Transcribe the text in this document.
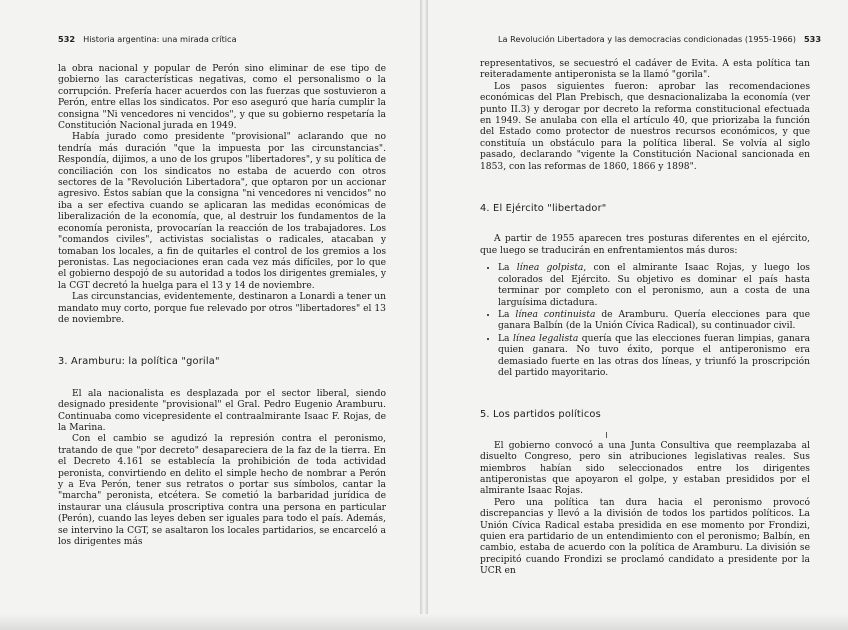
532 Historia argentina: una mirada crítica

la obra nacional y popular de Perón sino eliminar de ese tipo de gobierno las características negativas, como el personalismo o la corrupción. Prefería hacer acuerdos con las fuerzas que sostuvieron a Perón, entre ellas los sindicatos. Por eso aseguró que haría cumplir la consigna "Ni vencedores ni vencidos", y que su gobierno respetaría la Constitución Nacional jurada en 1949.

Había jurado como presidente "provisional" aclarando que no tendría más duración "que la impuesta por las circunstancias". Respondía, dijimos, a uno de los grupos "libertadores", y su política de conciliación con los sindicatos no estaba de acuerdo con otros sectores de la "Revolución Libertadora", que optaron por un accionar agresivo. Éstos sabían que la consigna "ni vencedores ni vencidos" no iba a ser efectiva cuando se aplicaran las medidas económicas de liberalización de la economía, que, al destruir los fundamentos de la economía peronista, provocarían la reacción de los trabajadores. Los "comandos civiles", activistas socialistas o radicales, atacaban y tomaban los locales, a fin de quitarles el control de los gremios a los peronistas. Las negociaciones eran cada vez más difíciles, por lo que el gobierno despojó de su autoridad a todos los dirigentes gremiales, y la CGT decretó la huelga para el 13 y 14 de noviembre.

Las circunstancias, evidentemente, destinaron a Lonardi a tener un mandato muy corto, porque fue relevado por otros "libertadores" el 13 de noviembre.

3. Aramburu: la política "gorila"

El ala nacionalista es desplazada por el sector liberal, siendo designado presidente "provisional" el Gral. Pedro Eugenio Aramburu. Continuaba como vicepresidente el contraalmirante Isaac F. Rojas, de la Marina.

Con el cambio se agudizó la represión contra el peronismo, tratando de que "por decreto" desapareciera de la faz de la tierra. En el Decreto 4.161 se establecía la prohibición de toda actividad peronista, convirtiendo en delito el simple hecho de nombrar a Perón y a Eva Perón, tener sus retratos o portar sus símbolos, cantar la "marcha" peronista, etcétera. Se cometió la barbaridad jurídica de instaurar una cláusula proscriptiva contra una persona en particular (Perón), cuando las leyes deben ser iguales para todo el país. Además, se intervino la CGT, se asaltaron los locales partidarios, se encarceló a los dirigentes más

La Revolución Libertadora y las democracias condicionadas (1955-1966) 533

representativos, se secuestró el cadáver de Evita. A esta política tan reiteradamente antiperonista se la llamó "gorila".

Los pasos siguientes fueron: aprobar las recomendaciones económicas del Plan Prebisch, que desnacionalizaba la economía (ver punto II.3) y derogar por decreto la reforma constitucional efectuada en 1949. Se anulaba con ella el artículo 40, que priorizaba la función del Estado como protector de nuestros recursos económicos, y que constituía un obstáculo para la política liberal. Se volvía al siglo pasado, declarando "vigente la Constitución Nacional sancionada en 1853, con las reformas de 1860, 1866 y 1898".

4. El Ejército "libertador"

A partir de 1955 aparecen tres posturas diferentes en el ejército, que luego se traducirán en enfrentamientos más duros:

• La línea golpista, con el almirante Isaac Rojas, y luego los colorados del Ejército. Su objetivo es dominar el país hasta terminar por completo con el peronismo, aun a costa de una larguísima dictadura.
• La línea continuista de Aramburu. Quería elecciones para que ganara Balbín (de la Unión Cívica Radical), su continuador civil.
• La línea legalista quería que las elecciones fueran limpias, ganara quien ganara. No tuvo éxito, porque el antiperonismo era demasiado fuerte en las otras dos líneas, y triunfó la proscripción del partido mayoritario.
5. Los partidos políticos

El gobierno convocó a una Junta Consultiva que reemplazaba al disuelto Congreso, pero sin atribuciones legislativas reales. Sus miembros habían sido seleccionados entre los dirigentes antiperonistas que apoyaron el golpe, y estaban presididos por el almirante Isaac Rojas.

Pero una política tan dura hacia el peronismo provocó discrepancias y llevó a la división de todos los partidos políticos. La Unión Cívica Radical estaba presidida en ese momento por Frondizi, quien era partidario de un entendimiento con el peronismo; Balbín, en cambio, estaba de acuerdo con la política de Aramburu. La división se precipitó cuando Frondizi se proclamó candidato a presidente por la UCR en
